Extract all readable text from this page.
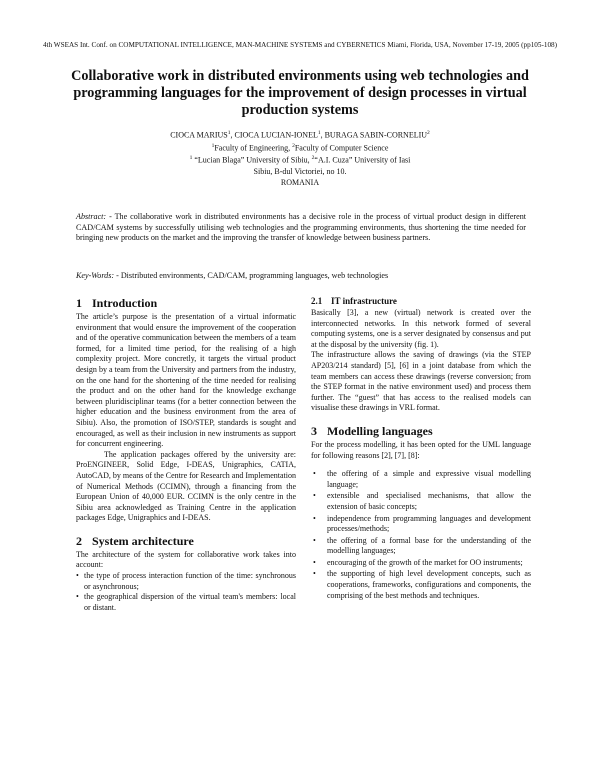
4th WSEAS Int. Conf. on COMPUTATIONAL INTELLIGENCE, MAN-MACHINE SYSTEMS and CYBERNETICS Miami, Florida, USA, November 17-19, 2005 (pp105-108)
Collaborative work in distributed environments using web technologies and programming languages for the improvement of design processes in virtual production systems
CIOCA MARIUS$^1$, CIOCA LUCIAN-IONEL$^1$, BURAGA SABIN-CORNELIU$^2$
$^1$Faculty of Engineering, $^2$Faculty of Computer Science
$^1$ “Lucian Blaga” University of Sibiu, $^2$“A.I. Cuza” University of Iasi
Sibiu, B-dul Victoriei, no 10.
ROMANIA
Abstract: - The collaborative work in distributed environments has a decisive role in the process of virtual product design in different CAD/CAM systems by successfully utilising web technologies and the programming environments, thus shortening the time needed for bringing new products on the market and the improving the transfer of knowledge between business partners.
Key-Words: - Distributed environments, CAD/CAM, programming languages, web technologies
1 Introduction

The article’s purpose is the presentation of a virtual informatic environment that would ensure the improvement of the cooperation and of the operative communication between the members of a team formed, for a limited time period, for the realising of a high complexity project. More concretly, it targets the virtual product design by a team from the University and partners from the industry, on the one hand for the shortening of the time needed for realising the product and on the other hand for the knowledge exchange between pluridisciplinar teams (for a better connection between the higher education and the business environment from the area of Sibiu). Also, the promotion of ISO/STEP, standards is sought and encouraged, as well as their inclusion in new instruments as support for concurrent engineering.

The application packages offered by the university are: ProENGINEER, Solid Edge, I-DEAS, Unigraphics, CATIA, AutoCAD, by means of the Centre for Research and Implementation of Numerical Methods (CCIMN), through a financing from the European Union of 40,000 EUR. CCIMN is the only centre in the Sibiu area acknowledged as Training Centre in the application packages Edge, Unigraphics and I-DEAS.

2 System architecture

The architecture of the system for collaborative work takes into account:

• the type of process interaction function of the time: synchronous or asynchronous;
• the geographical dispersion of the virtual team's members: local or distant.
2.1 IT infrastructure

Basically [3], a new (virtual) network is created over the interconnected networks. In this network formed of several computing systems, one is a server designated by consensus and put at the disposal by the university (fig. 1).

The infrastructure allows the saving of drawings (via the STEP AP203/214 standard) [5], [6] in a joint database from which the team members can access these drawings (reverse conversion; from the STEP format in the native environment used) and process them further. The “guest” that has access to the realised models can visualise these drawings in VRL format.

3 Modelling languages

For the process modelling, it has been opted for the UML language for following reasons [2], [7], [8]:

• the offering of a simple and expressive visual modelling language;
• extensible and specialised mechanisms, that allow the extension of basic concepts;
• independence from programming languages and development processes/methods;
• the offering of a formal base for the understanding of the modelling languages;
• encouraging of the growth of the market for OO instruments;
• the supporting of high level development concepts, such as cooperations, frameworks, configurations and components, the comprising of the best methods and techniques.
